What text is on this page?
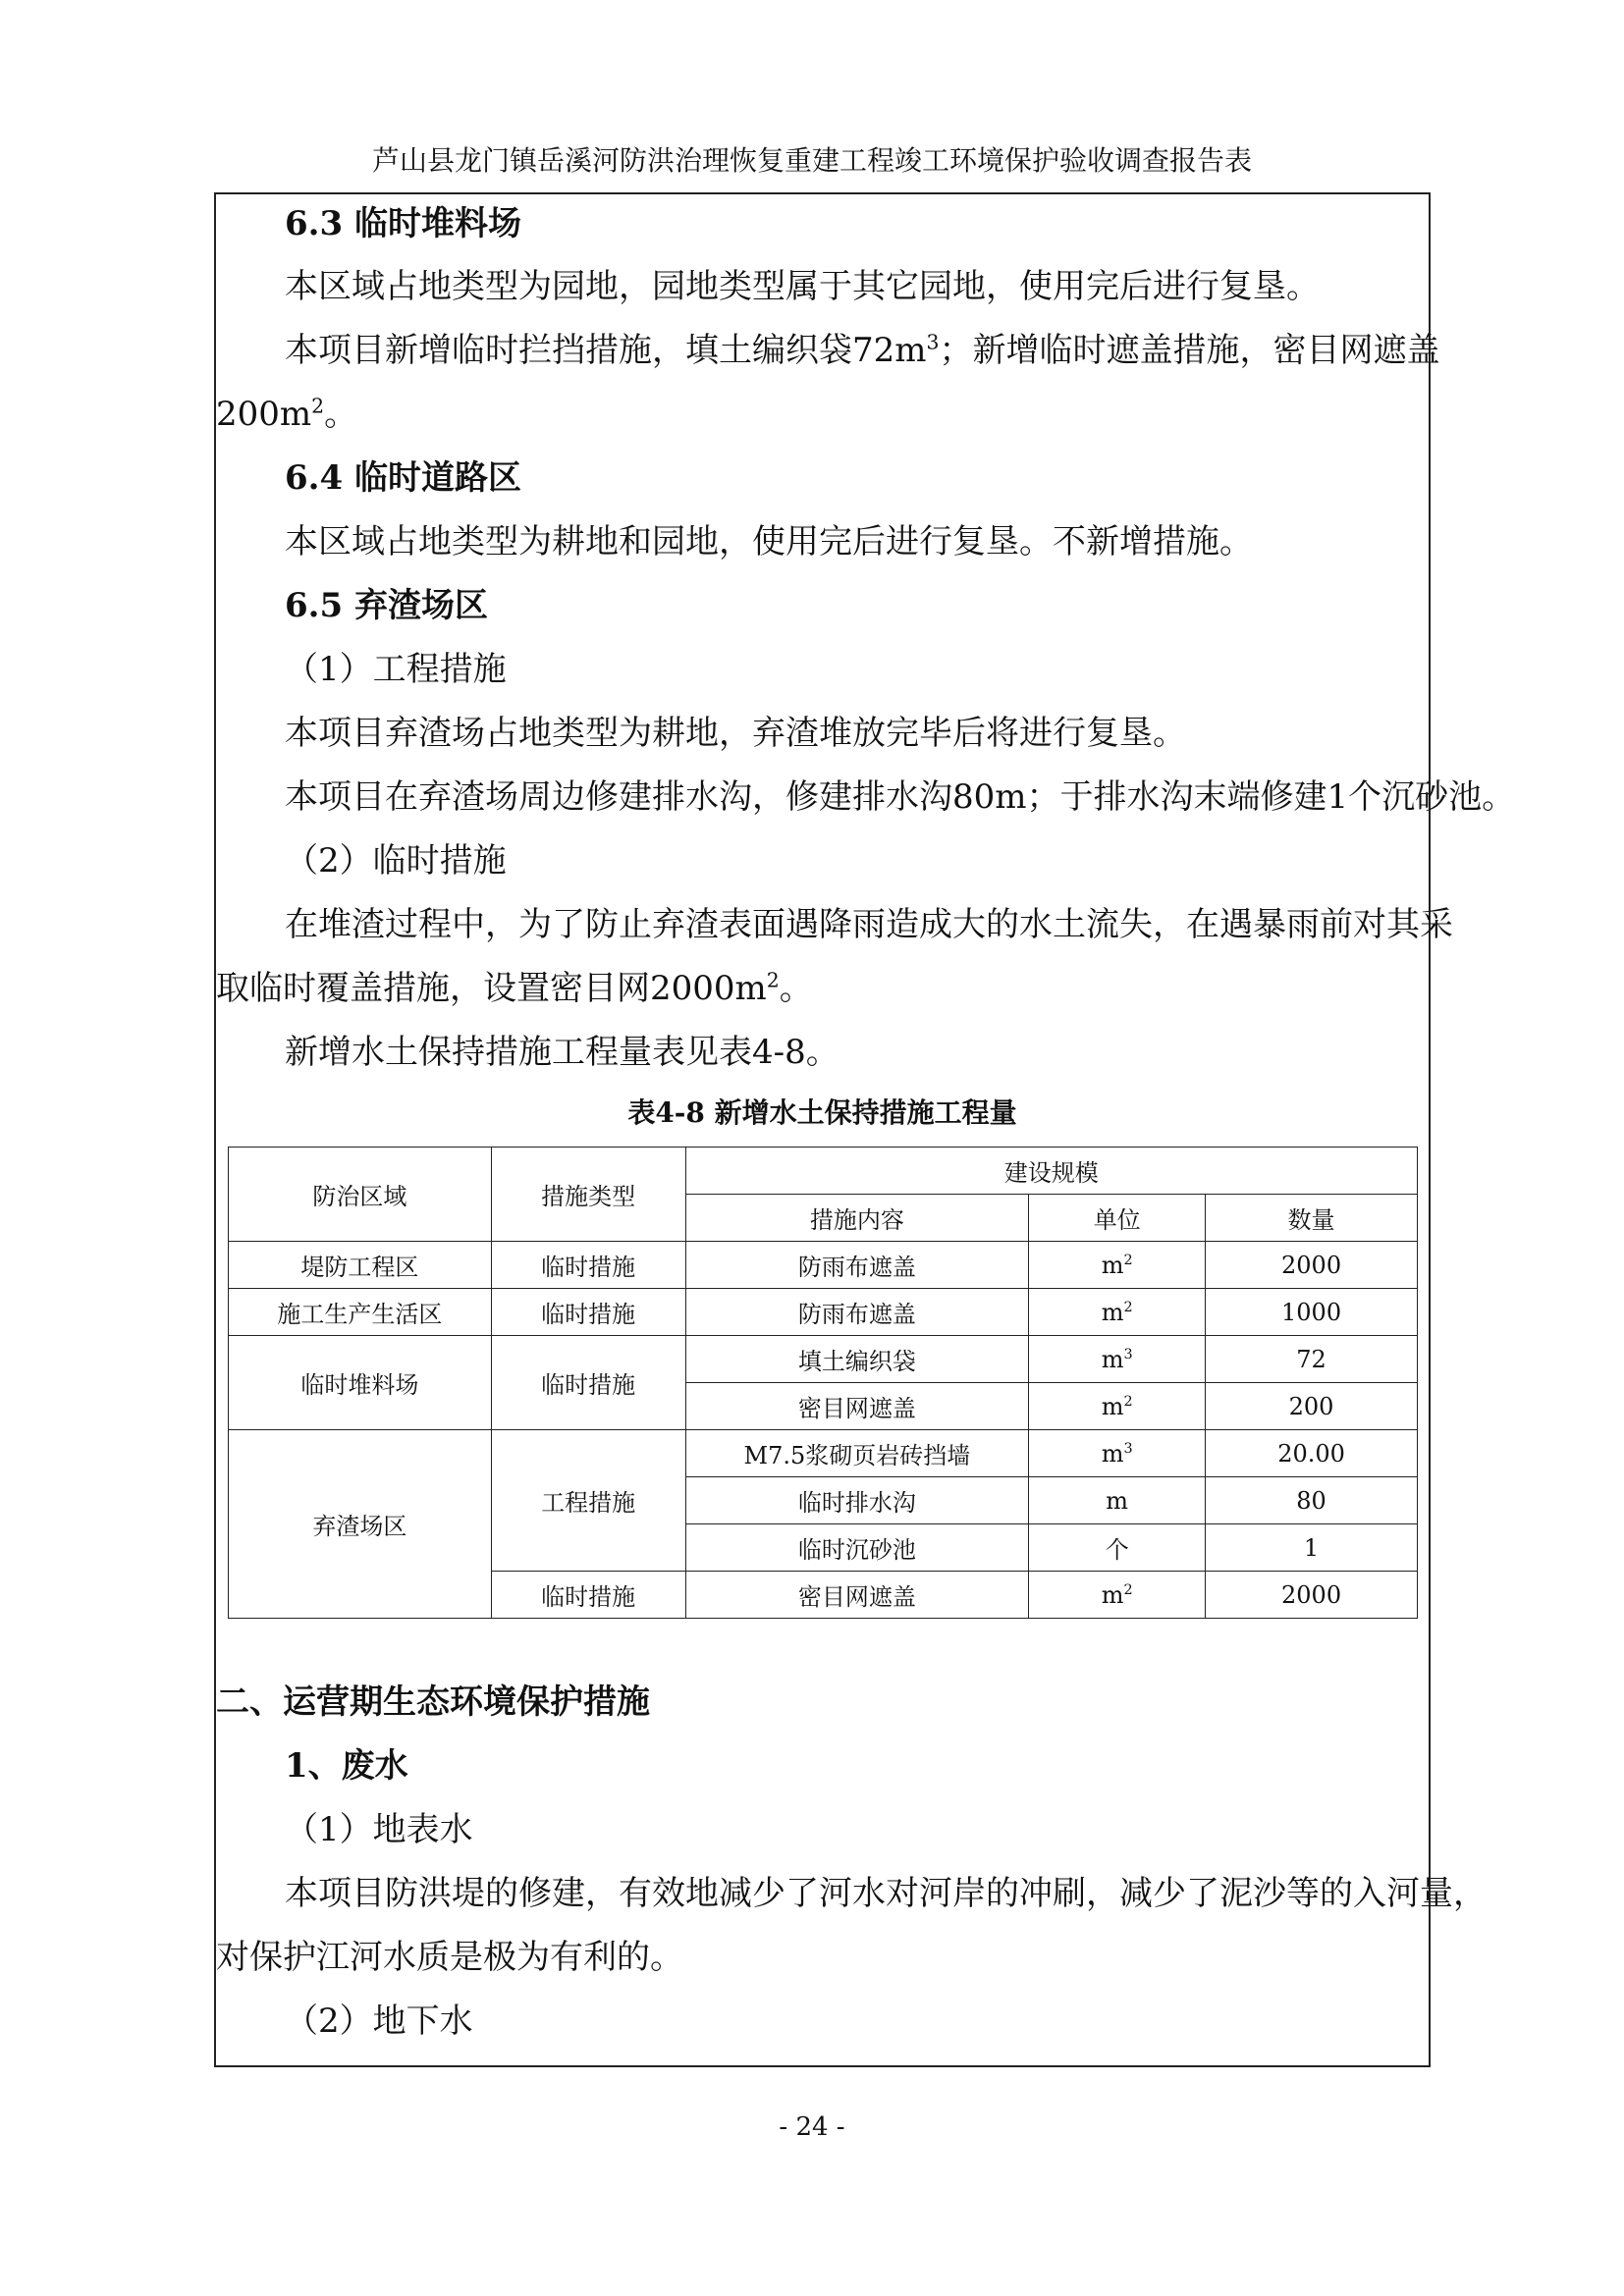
芦山县龙门镇岳溪河防洪治理恢复重建工程竣工环境保护验收调查报告表
6.3 临时堆料场
本区域占地类型为园地，园地类型属于其它园地，使用完后进行复垦。
本项目新增临时拦挡措施，填土编织袋$72m^3$；新增临时遮盖措施，密目网遮盖
$200m^2$。
6.4 临时道路区
本区域占地类型为耕地和园地，使用完后进行复垦。不新增措施。
6.5 弃渣场区
（1）工程措施
本项目弃渣场占地类型为耕地，弃渣堆放完毕后将进行复垦。
本项目在弃渣场周边修建排水沟，修建排水沟80m；于排水沟末端修建1个沉砂池。
（2）临时措施
在堆渣过程中，为了防止弃渣表面遇降雨造成大的水土流失，在遇暴雨前对其采
取临时覆盖措施，设置密目网$2000m^2$。
新增水土保持措施工程量表见表4-8。
表4-8 新增水土保持措施工程量
防治区域	措施类型	建设规模		
		措施内容	单位	数量
堤防工程区	临时措施	防雨布遮盖	$m^2$	2000
施工生产生活区	临时措施	防雨布遮盖	$m^2$	1000
临时堆料场	临时措施	填土编织袋	$m^3$	72
		密目网遮盖	$m^2$	200
弃渣场区	工程措施	M7.5浆砌页岩砖挡墙	$m^3$	20.00
		临时排水沟	m	80
		临时沉砂池	个	1
	临时措施	密目网遮盖	$m^2$	2000
二、运营期生态环境保护措施
1、废水
（1）地表水
本项目防洪堤的修建，有效地减少了河水对河岸的冲刷，减少了泥沙等的入河量，
对保护江河水质是极为有利的。
（2）地下水
- 24 -
